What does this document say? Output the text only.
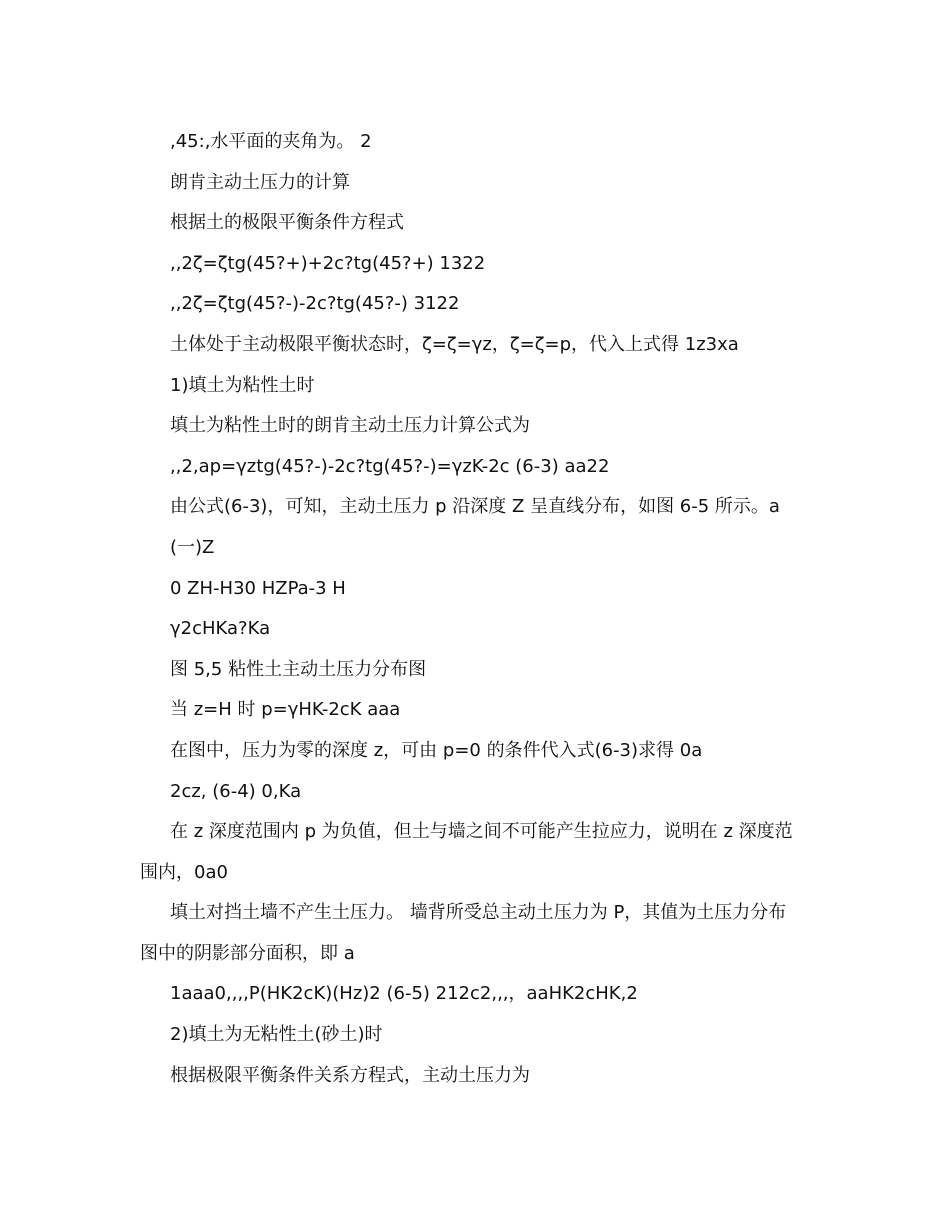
,45:,水平面的夹角为。 2
朗肯主动土压力的计算
根据土的极限平衡条件方程式
,,2ζ=ζtg(45?+)+2c?tg(45?+) 1322
,,2ζ=ζtg(45?-)-2c?tg(45?-) 3122
土体处于主动极限平衡状态时，ζ=ζ=γz，ζ=ζ=p，代入上式得 1z3xa
1)填土为粘性土时
填土为粘性土时的朗肯主动土压力计算公式为
,,2,ap=γztg(45?-)-2c?tg(45?-)=γzK-2c (6-3) aa22
由公式(6-3)，可知，主动土压力 p 沿深度 Z 呈直线分布，如图 6-5 所示。a
(一)Z
0 ZH-H30 HZPa-3 H
γ2cHKa?Ka
图 5,5 粘性土主动土压力分布图
当 z=H 时 p=γHK-2cK aaa
在图中，压力为零的深度 z，可由 p=0 的条件代入式(6-3)求得 0a
2cz, (6-4) 0,Ka
在 z 深度范围内 p 为负值，但土与墙之间不可能产生拉应力，说明在 z 深度范
围内，0a0
填土对挡土墙不产生土压力。 墙背所受总主动土压力为 P，其值为土压力分布
图中的阴影部分面积，即 a
1aaa0,,,,P(HK2cK)(Hz)2 (6-5) 212c2,,,，aaHK2cHK,2
2)填土为无粘性土(砂土)时
根据极限平衡条件关系方程式，主动土压力为
